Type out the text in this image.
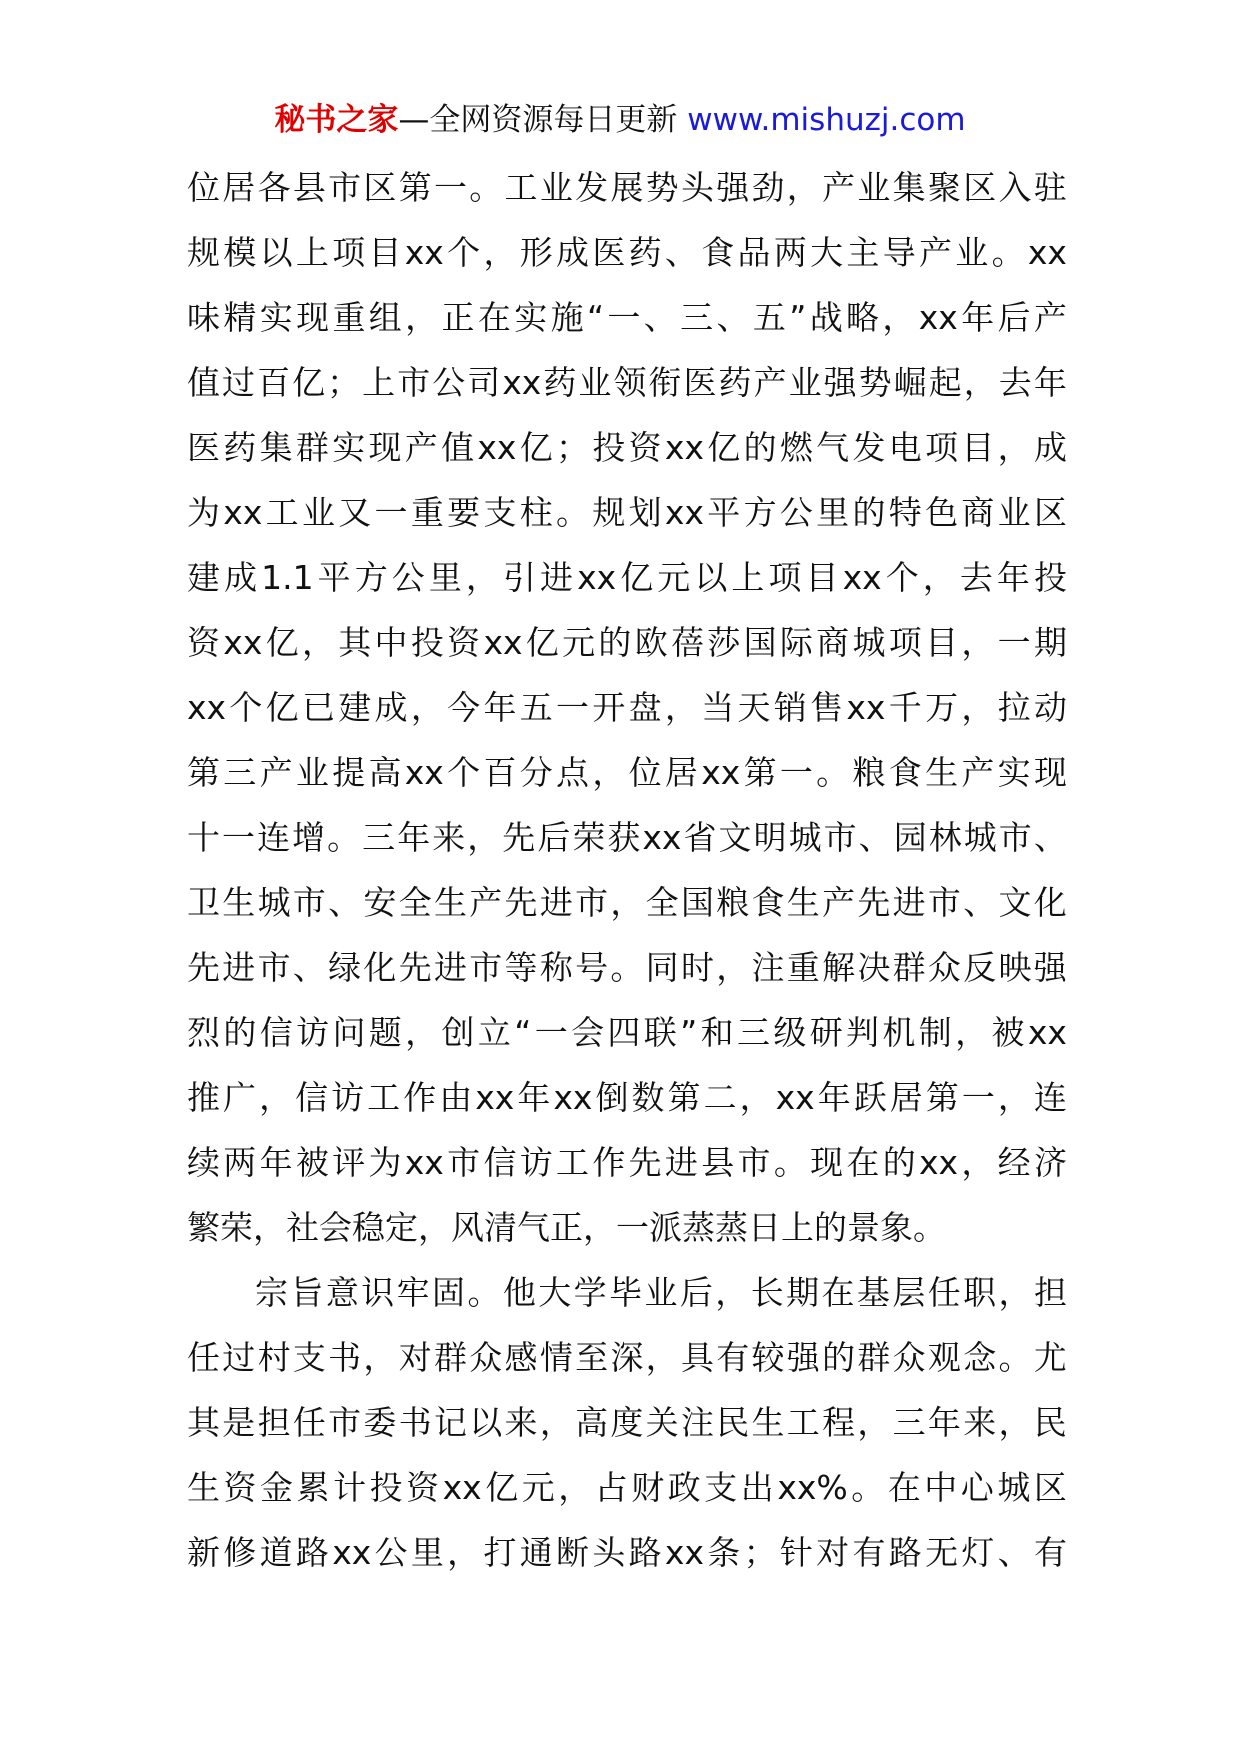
秘书之家—全网资源每日更新 www.mishuzj.com
位 居 各 县 市 区 第 一 。 工 业 发 展 势 头 强 劲 ， 产 业 集 聚 区 入 驻
规 模 以 上 项 目 xx 个 ， 形 成 医 药 、 食 品 两 大 主 导 产 业 。 xx
味 精 实 现 重 组 ， 正 在 实 施 “ 一 、 三 、 五 ” 战 略 ， xx 年 后 产
值 过 百 亿 ； 上 市 公 司 xx 药 业 领 衔 医 药 产 业 强 势 崛 起 ， 去 年
医 药 集 群 实 现 产 值 xx 亿 ； 投 资 xx 亿 的 燃 气 发 电 项 目 ， 成
为 xx 工 业 又 一 重 要 支 柱 。 规 划 xx 平 方 公 里 的 特 色 商 业 区
建 成 1.1 平 方 公 里 ， 引 进 xx 亿 元 以 上 项 目 xx 个 ， 去 年 投
资 xx 亿 ， 其 中 投 资 xx 亿 元 的 欧 蓓 莎 国 际 商 城 项 目 ， 一 期
xx 个 亿 已 建 成 ， 今 年 五 一 开 盘 ， 当 天 销 售 xx 千 万 ， 拉 动
第 三 产 业 提 高 xx 个 百 分 点 ， 位 居 xx 第 一 。 粮 食 生 产 实 现
十 一 连 增 。 三 年 来 ， 先 后 荣 获 xx 省 文 明 城 市 、 园 林 城 市 、
卫 生 城 市 、 安 全 生 产 先 进 市 ， 全 国 粮 食 生 产 先 进 市 、 文 化
先 进 市 、 绿 化 先 进 市 等 称 号 。 同 时 ， 注 重 解 决 群 众 反 映 强
烈 的 信 访 问 题 ， 创 立 “ 一 会 四 联 ” 和 三 级 研 判 机 制 ， 被 xx
推 广 ， 信 访 工 作 由 xx 年 xx 倒 数 第 二 ， xx 年 跃 居 第 一 ， 连
续 两 年 被 评 为 xx 市 信 访 工 作 先 进 县 市 。 现 在 的 xx ， 经 济
繁荣，社会稳定，风清气正，一派蒸蒸日上的景象。
宗 旨 意 识 牢 固 。 他 大 学 毕 业 后 ， 长 期 在 基 层 任 职 ， 担
任 过 村 支 书 ， 对 群 众 感 情 至 深 ， 具 有 较 强 的 群 众 观 念 。 尤
其 是 担 任 市 委 书 记 以 来 ， 高 度 关 注 民 生 工 程 ， 三 年 来 ， 民
生 资 金 累 计 投 资 xx 亿 元 ， 占 财 政 支 出 xx% 。 在 中 心 城 区
新 修 道 路 xx 公 里 ， 打 通 断 头 路 xx 条 ； 针 对 有 路 无 灯 、 有
